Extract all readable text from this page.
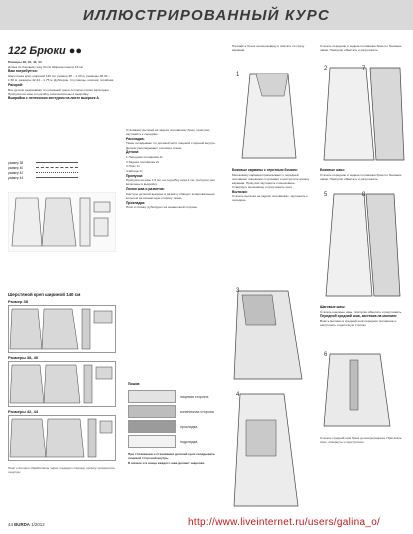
ИЛЛЮСТРИРОВАННЫЙ КУРС
122 Брюки ●●

Размеры 38, 40, 42, 44

Длина по боковому шву 94 см Ширина понизу 18 см

Вам потребуется:

Шерстяная креп шириной 140 см: размер 38 – 1,30 м, размеры 38,40 – 1,50 м; размеры 42,44 – 1,75 м. Дублерин, 4 пуговицы, молния, потайная.

Раскрой:

Все детали выкраивают из основной ткани согласно схеме раскладки. Припуски на швы и подгибку низа включены в выкройку.

Выкройка с ленточным контуром на листе выкроек А

размер 38
размер 40
размер 42
размер 44
Шерстяной креп шириной 140 см
Размер 38
Размеры 38, 40
Размеры 42, 44
Пояс и детали обработать через лицевую сторону, кромку прикрепить изнутри.

Стачивают вытачки на задних половинках брюк, припуски заутюжить к середине.

Раскладка:

Ткань складывают по долевой нити лицевой стороной внутрь. Детали раскладывают согласно схеме.

Детали:

1 Передняя половинка 2x

2 Задняя половинка 2x

3 Пояс 1x

4 Шлица 1x

Припуски:

Припуски на швы 1,5 см, на подгибку низа 4 см, припуски уже включены в выкройку.

Линии шва и разметка:

Контуры деталей выкроек и размету обводят копировальным колесом на изнаночную сторону ткани.

Прокладка:

Пояс и планку дублируют на изнаночной стороне.

Пошив
лицевая сторона
изнаночная сторона
прокладка
подкладка

При стачивании и стачивании деталей кроя складывать лицевой стороной внутрь.

В начале и в конце каждого шва делают закрепки.

Наложить бочок на мешковину и сметать по срезу кармана.

Боковые карманы с отрезным бочком:

Мешковину кармана прикалывают к передней половинке лицевыми сторонами и настрочить кромку кармана. Припуски заутюжить к мешковине. Отвернуть мешковину и приутюжить кант.

Вытачки:

Стачать вытачки на задних половинках, заутюжить к середине.

Стачать передние и задние половинки брюк по боковым швам. Припуски обметать и разутюжить.

Боковые швы:

Стачать передние и задние половинки брюк по боковым швам. Припуски обметать и разутюжить.

Шаговые швы:

Стачать шаговые швы, припуски обметать и разутюжить.

Передний средний шов, застежка на молнию:

Вшить молнию в средний шов передних половинок и настрочить отделочную строчку.

Стачать средний шов брюк до конца разреза. Притачать пояс, отвернуть и прострочить.

1
2
3
4
5
6
7
8
44 BURDA 1/2012	http://www.liveinternet.ru/users/galina_o/
